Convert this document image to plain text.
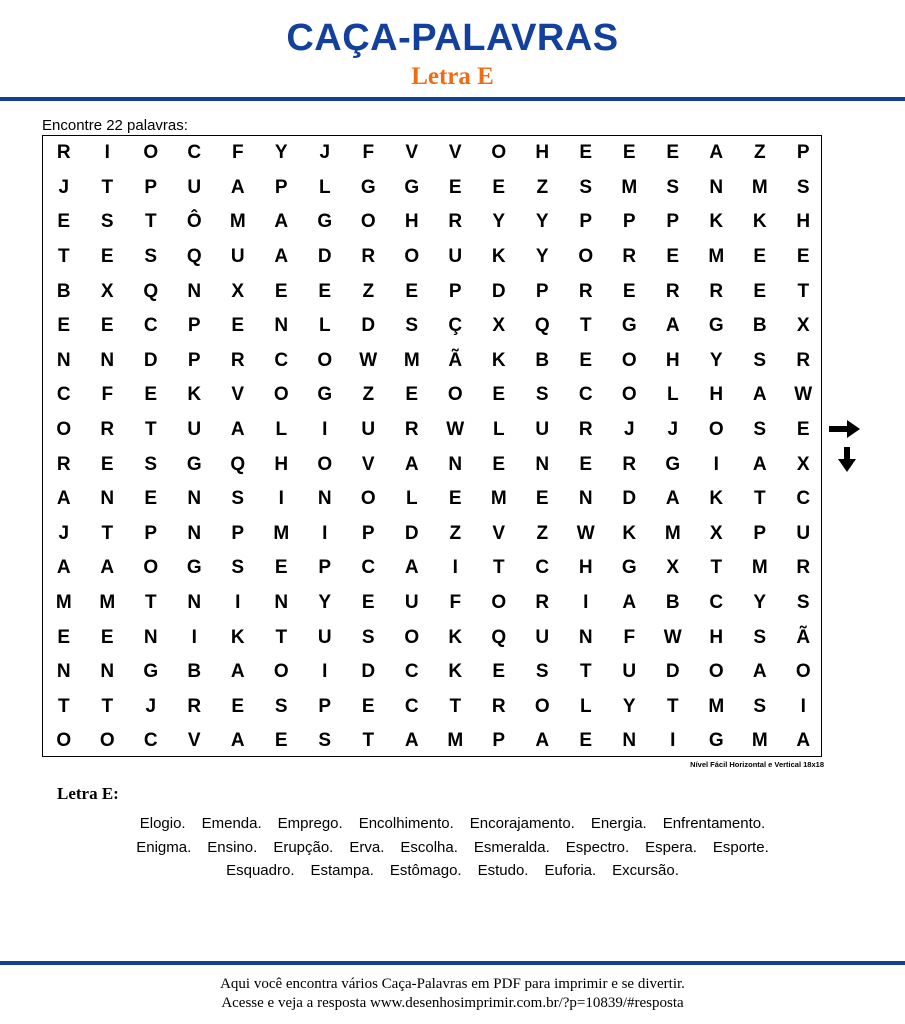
CAÇA-PALAVRAS
Letra E
Encontre 22 palavras:
R	I	O	C	F	Y	J	F	V	V	O	H	E	E	E	A	Z	P
J	T	P	U	A	P	L	G	G	E	E	Z	S	M	S	N	M	S
E	S	T	Ô	M	A	G	O	H	R	Y	Y	P	P	P	K	K	H
T	E	S	Q	U	A	D	R	O	U	K	Y	O	R	E	M	E	E
B	X	Q	N	X	E	E	Z	E	P	D	P	R	E	R	R	E	T
E	E	C	P	E	N	L	D	S	Ç	X	Q	T	G	A	G	B	X
N	N	D	P	R	C	O	W	M	Ã	K	B	E	O	H	Y	S	R
C	F	E	K	V	O	G	Z	E	O	E	S	C	O	L	H	A	W
O	R	T	U	A	L	I	U	R	W	L	U	R	J	J	O	S	E
R	E	S	G	Q	H	O	V	A	N	E	N	E	R	G	I	A	X
A	N	E	N	S	I	N	O	L	E	M	E	N	D	A	K	T	C
J	T	P	N	P	M	I	P	D	Z	V	Z	W	K	M	X	P	U
A	A	O	G	S	E	P	C	A	I	T	C	H	G	X	T	M	R
M	M	T	N	I	N	Y	E	U	F	O	R	I	A	B	C	Y	S
E	E	N	I	K	T	U	S	O	K	Q	U	N	F	W	H	S	Ã
N	N	G	B	A	O	I	D	C	K	E	S	T	U	D	O	A	O
T	T	J	R	E	S	P	E	C	T	R	O	L	Y	T	M	S	I
O	O	C	V	A	E	S	T	A	M	P	A	E	N	I	G	M	A
Nível Fácil Horizontal e Vertical 18x18
Letra E:
Elogio. Emenda. Emprego. Encolhimento. Encorajamento. Energia. Enfrentamento.
Enigma. Ensino. Erupção. Erva. Escolha. Esmeralda. Espectro. Espera. Esporte.
Esquadro. Estampa. Estômago. Estudo. Euforia. Excursão.
Aqui você encontra vários Caça-Palavras em PDF para imprimir e se divertir.
Acesse e veja a resposta www.desenhosimprimir.com.br/?p=10839/#resposta
